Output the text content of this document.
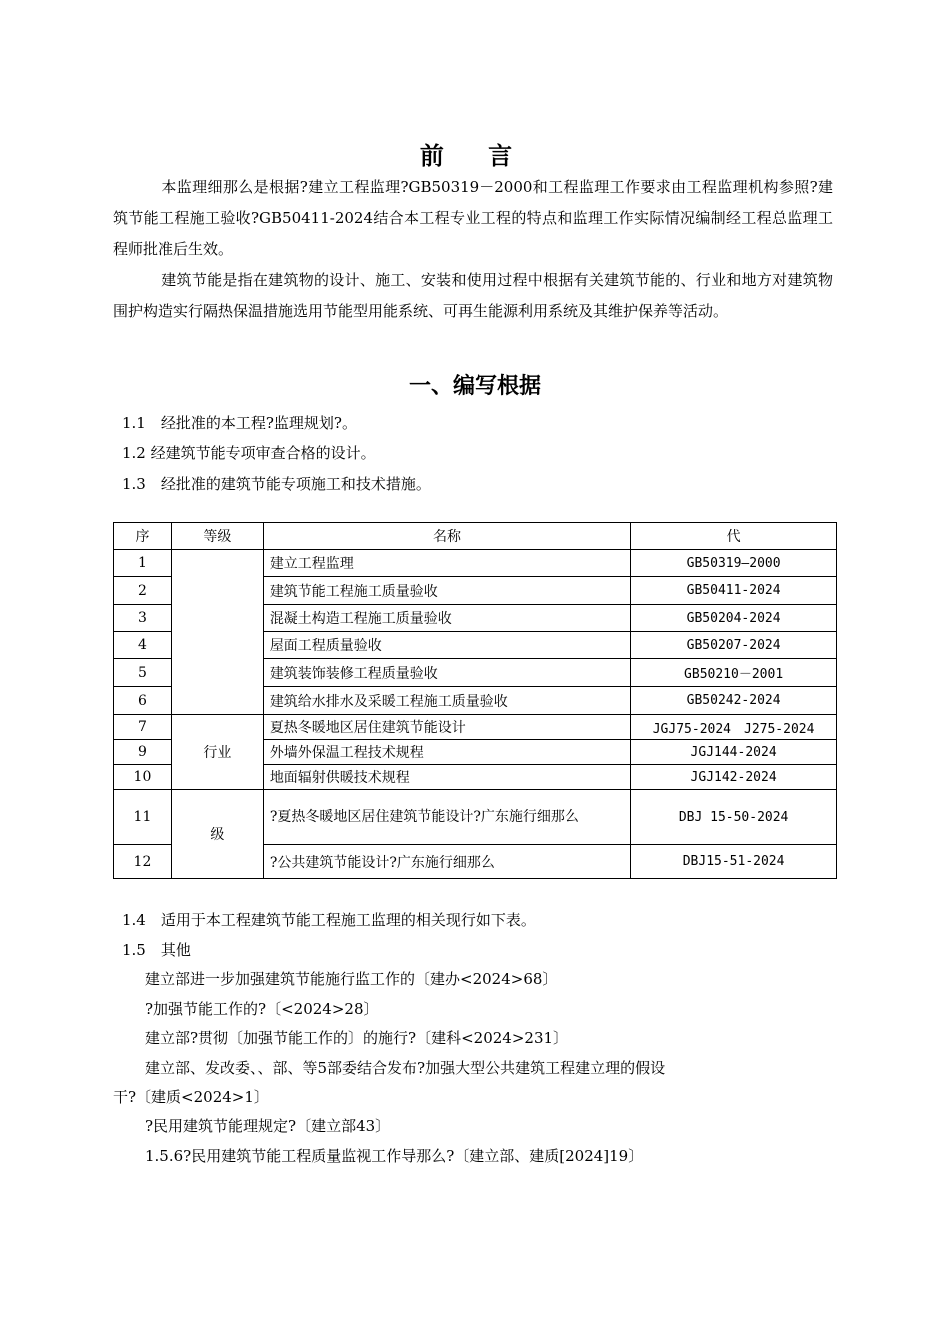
前 言
本监理细那么是根据?建立工程监理?GB50319－2000和工程监理工作要求由工程监理机构参照?建筑节能工程施工验收?GB50411-2024结合本工程专业工程的特点和监理工作实际情况编制经工程总监理工程师批准后生效。
建筑节能是指在建筑物的设计、施工、安装和使用过程中根据有关建筑节能的、行业和地方对建筑物围护构造实行隔热保温措施选用节能型用能系统、可再生能源利用系统及其维护保养等活动。
一、编写根据
1.1　经批准的本工程?监理规划?。
1.2 经建筑节能专项审查合格的设计。
1.3　经批准的建筑节能专项施工和技术措施。
序	等级	名称	代
1		建立工程监理	GB50319—2000
2		建筑节能工程施工质量验收	GB50411-2024
3		混凝土构造工程施工质量验收	GB50204-2024
4		屋面工程质量验收	GB50207-2024
5		建筑装饰装修工程质量验收	GB50210－2001
6		建筑给水排水及采暖工程施工质量验收	GB50242-2024
7	行业	夏热冬暖地区居住建筑节能设计	JGJ75-2024　J275-2024
9		外墙外保温工程技术规程	JGJ144-2024
10		地面辐射供暖技术规程	JGJ142-2024
11	级	?夏热冬暖地区居住建筑节能设计?广东施行细那么	DBJ 15-50-2024
12		?公共建筑节能设计?广东施行细那么	DBJ15-51-2024
1.4　适用于本工程建筑节能工程施工监理的相关现行如下表。
1.5　其他
建立部进一步加强建筑节能施行监工作的〔建办<2024>68〕
?加强节能工作的?〔<2024>28〕
建立部?贯彻〔加强节能工作的〕的施行?〔建科<2024>231〕
建立部、发改委、、部、等5部委结合发布?加强大型公共建筑工程建立理的假设
干?〔建质<2024>1〕
?民用建筑节能理规定?〔建立部43〕
1.5.6?民用建筑节能工程质量监视工作导那么?〔建立部、建质[2024]19〕
